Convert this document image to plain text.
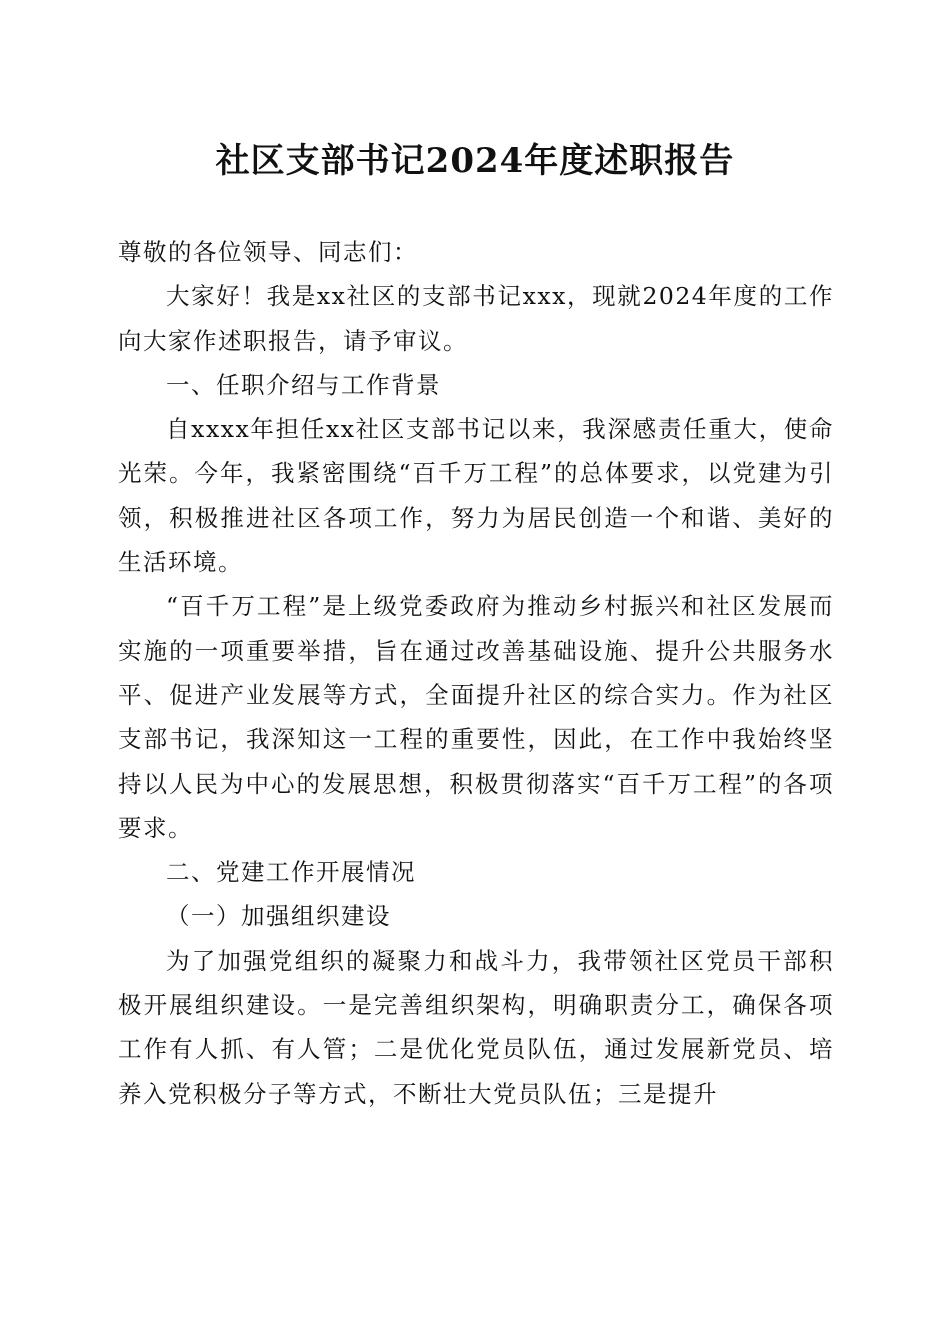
社区支部书记2024年度述职报告

尊敬的各位领导、同志们：

大家好！我是xx社区的支部书记xxx，现就2024年度的工作向大家作述职报告，请予审议。

一、任职介绍与工作背景

自xxxx年担任xx社区支部书记以来，我深感责任重大，使命光荣。今年，我紧密围绕“百千万工程”的总体要求，以党建为引领，积极推进社区各项工作，努力为居民创造一个和谐、美好的生活环境。

“百千万工程”是上级党委政府为推动乡村振兴和社区发展而实施的一项重要举措，旨在通过改善基础设施、提升公共服务水平、促进产业发展等方式，全面提升社区的综合实力。作为社区支部书记，我深知这一工程的重要性，因此，在工作中我始终坚持以人民为中心的发展思想，积极贯彻落实“百千万工程”的各项要求。

二、党建工作开展情况

（一）加强组织建设

为了加强党组织的凝聚力和战斗力，我带领社区党员干部积极开展组织建设。一是完善组织架构，明确职责分工，确保各项工作有人抓、有人管；二是优化党员队伍，通过发展新党员、培养入党积极分子等方式，不断壮大党员队伍；三是提升
